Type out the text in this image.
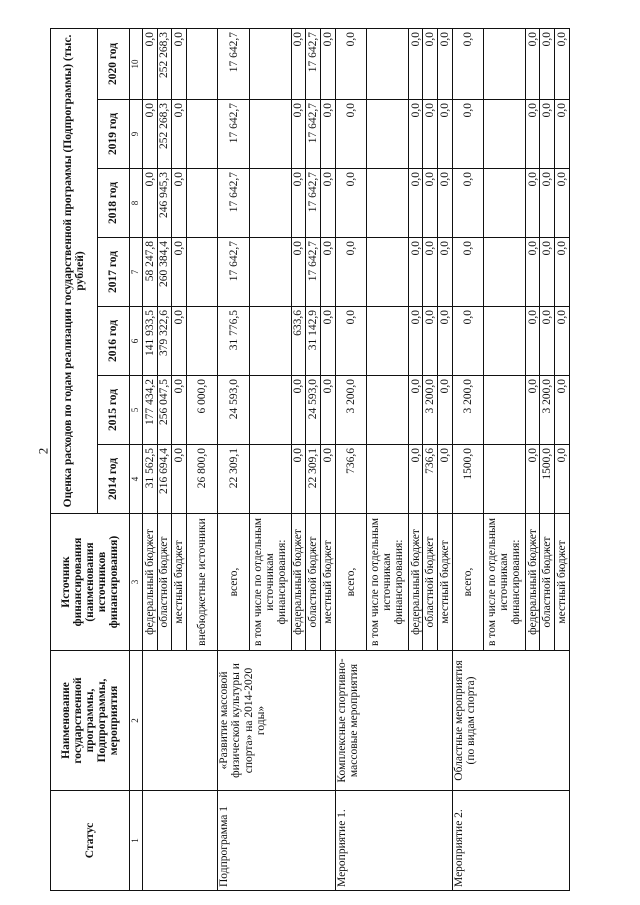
2
Статус	Наименование государственной программы, Подпрограммы, мероприятия	Источник финансирования (наименования источников финансирования)	Оценка расходов по годам реализации государственной программы (Подпрограммы) (тыс. рублей)						
			2014 год	2015 год	2016 год	2017 год	2018 год	2019 год	2020 год
1	2	3	4	5	6	7	8	9	10
		федеральный бюджет	31 562,5	177 434,2	141 933,5	58 247,8	0,0	0,0	0,0
		областной бюджет	216 694,4	256 047,5	379 322,6	260 384,4	246 945,3	252 268,3	252 268,3
		местный бюджет	0,0	0,0	0,0	0,0	0,0	0,0	0,0
		внебюджетные источники	26 800,0	6 000,0					
Подпрограмма 1	«Развитие массовой физической культуры и спорта» на 2014-2020 годы»	всего,	22 309,1	24 593,0	31 776,5	17 642,7	17 642,7	17 642,7	17 642,7
		в том числе по отдельным источникам финансирования:							
		федеральный бюджет	0,0	0,0	633,6	0,0	0,0	0,0	0,0
		областной бюджет	22 309,1	24 593,0	31 142,9	17 642,7	17 642,7	17 642,7	17 642,7
		местный бюджет	0,0	0,0	0,0	0,0	0,0	0,0	0,0
Мероприятие 1.	Комплексные спортивно-массовые мероприятия	всего,	736,6	3 200,0	0,0	0,0	0,0	0,0	0,0
		в том числе по отдельным источникам финансирования:							
		федеральный бюджет	0,0	0,0	0,0	0,0	0,0	0,0	0,0
		областной бюджет	736,6	3 200,0	0,0	0,0	0,0	0,0	0,0
		местный бюджет	0,0	0,0	0,0	0,0	0,0	0,0	0,0
Мероприятие 2.	Областные мероприятия (по видам спорта)	всего,	1500,0	3 200,0	0,0	0,0	0,0	0,0	0,0
		в том числе по отдельным источникам финансирования:							
		федеральный бюджет	0,0	0,0	0,0	0,0	0,0	0,0	0,0
		областной бюджет	1500,0	3 200,0	0,0	0,0	0,0	0,0	0,0
		местный бюджет	0,0	0,0	0,0	0,0	0,0	0,0	0,0
